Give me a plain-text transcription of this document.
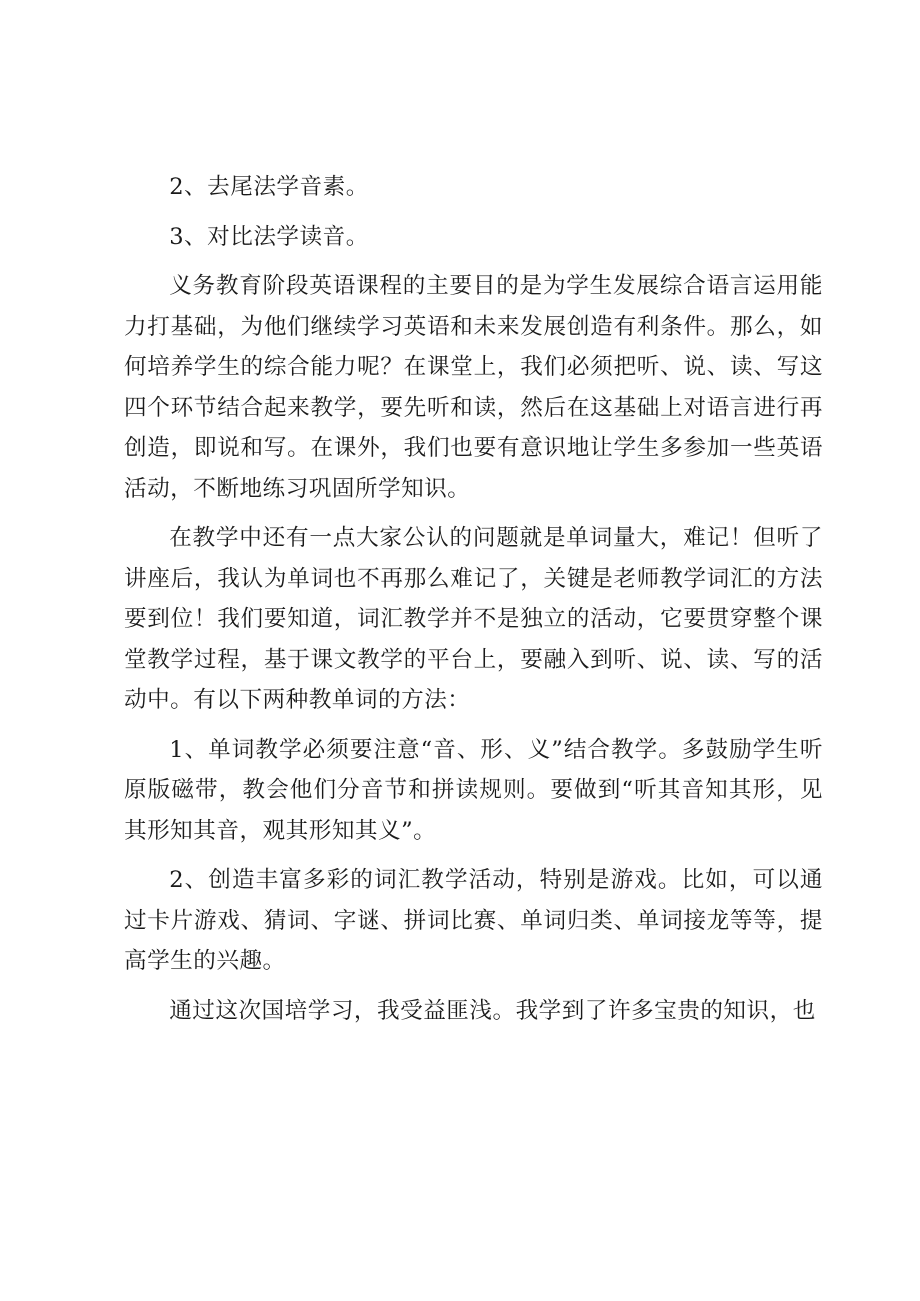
2、去尾法学音素。

3、对比法学读音。

义务教育阶段英语课程的主要目的是为学生发展综合语言运用能力打基础，为他们继续学习英语和未来发展创造有利条件。那么，如何培养学生的综合能力呢？在课堂上，我们必须把听、说、读、写这四个环节结合起来教学，要先听和读，然后在这基础上对语言进行再创造，即说和写。在课外，我们也要有意识地让学生多参加一些英语活动，不断地练习巩固所学知识。

在教学中还有一点大家公认的问题就是单词量大，难记！但听了讲座后，我认为单词也不再那么难记了，关键是老师教学词汇的方法要到位！我们要知道，词汇教学并不是独立的活动，它要贯穿整个课堂教学过程，基于课文教学的平台上，要融入到听、说、读、写的活动中。有以下两种教单词的方法：

1、单词教学必须要注意“音、形、义”结合教学。多鼓励学生听原版磁带，教会他们分音节和拼读规则。要做到“听其音知其形，见其形知其音，观其形知其义”。

2、创造丰富多彩的词汇教学活动，特别是游戏。比如，可以通过卡片游戏、猜词、字谜、拼词比赛、单词归类、单词接龙等等，提高学生的兴趣。

通过这次国培学习，我受益匪浅。我学到了许多宝贵的知识，也
